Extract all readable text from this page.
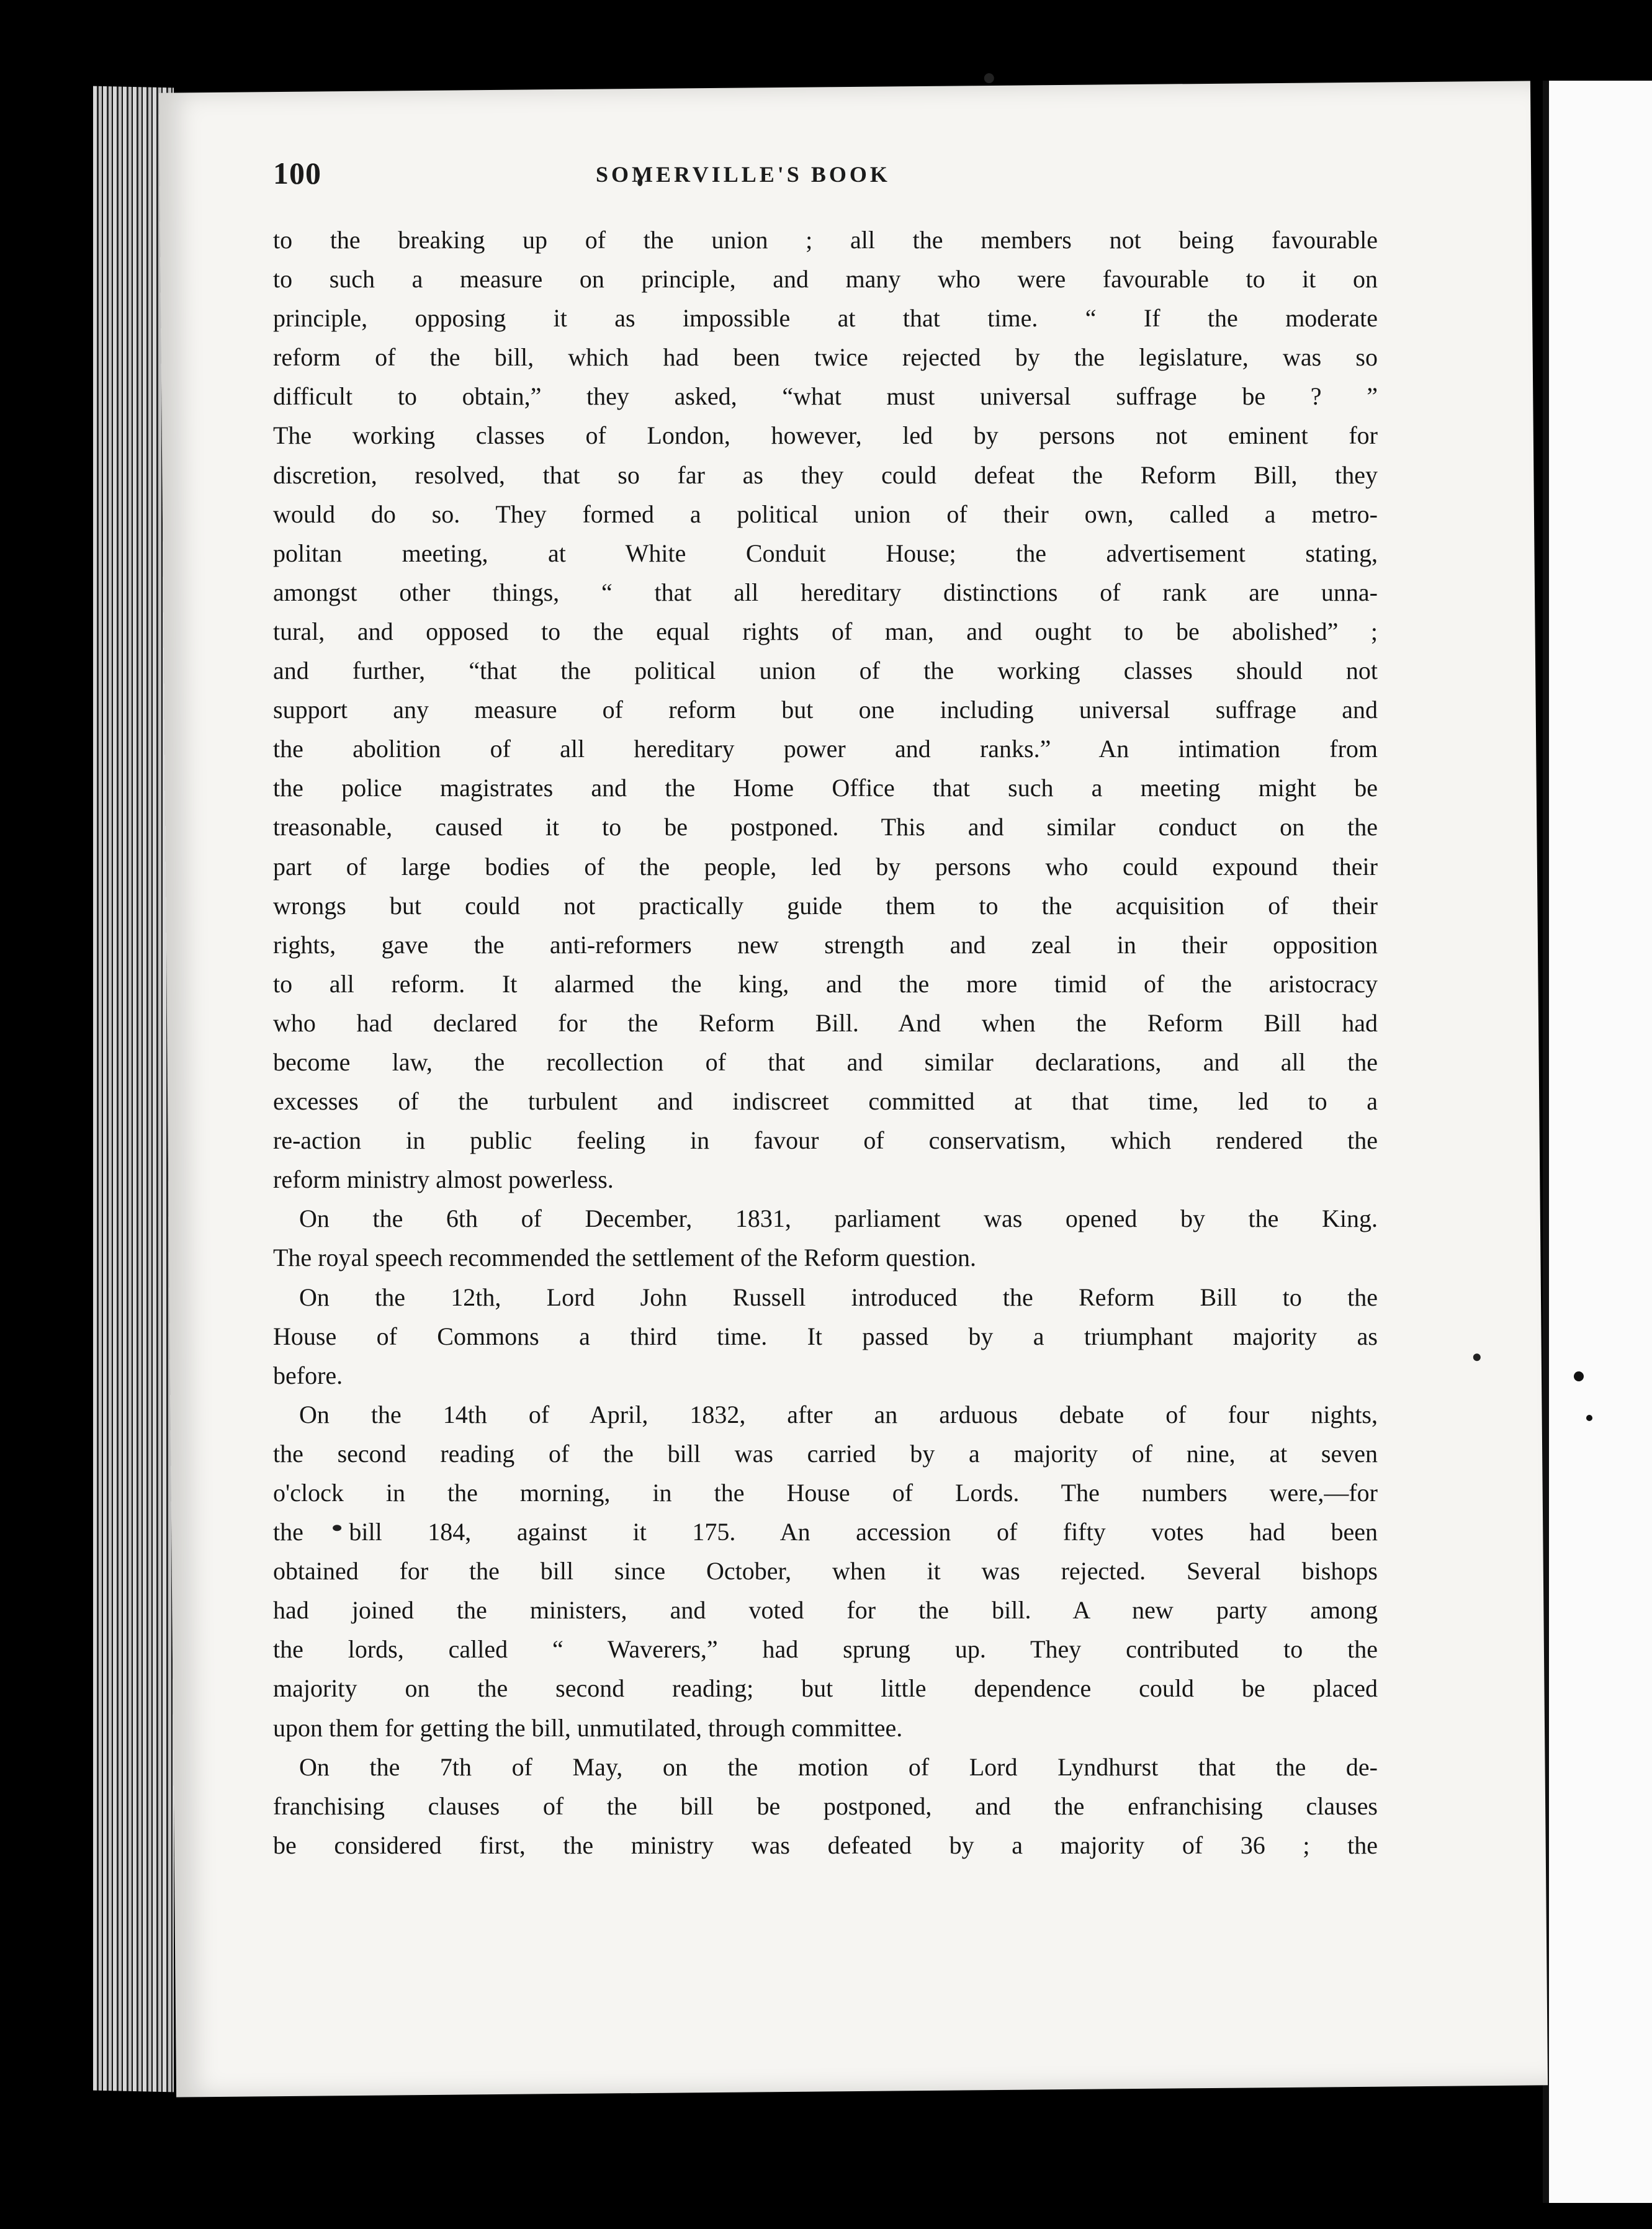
100	SOMERVILLE'S BOOK
to the breaking up of the union ; all the members not being favourable
to such a measure on principle, and many who were favourable to it on
principle, opposing it as impossible at that time. “ If the moderate
reform of the bill, which had been twice rejected by the legislature, was so
difficult to obtain,” they asked, “what must universal suffrage be ? ”
The working classes of London, however, led by persons not eminent for
discretion, resolved, that so far as they could defeat the Reform Bill, they
would do so. They formed a political union of their own, called a metro-
politan meeting, at White Conduit House; the advertisement stating,
amongst other things, “ that all hereditary distinctions of rank are unna-
tural, and opposed to the equal rights of man, and ought to be abolished” ;
and further, “that the political union of the working classes should not
support any measure of reform but one including universal suffrage and
the abolition of all hereditary power and ranks.” An intimation from
the police magistrates and the Home Office that such a meeting might be
treasonable, caused it to be postponed. This and similar conduct on the
part of large bodies of the people, led by persons who could expound their
wrongs but could not practically guide them to the acquisition of their
rights, gave the anti-reformers new strength and zeal in their opposition
to all reform. It alarmed the king, and the more timid of the aristocracy
who had declared for the Reform Bill. And when the Reform Bill had
become law, the recollection of that and similar declarations, and all the
excesses of the turbulent and indiscreet committed at that time, led to a
re-action in public feeling in favour of conservatism, which rendered the
reform ministry almost powerless.
On the 6th of December, 1831, parliament was opened by the King.
The royal speech recommended the settlement of the Reform question.
On the 12th, Lord John Russell introduced the Reform Bill to the
House of Commons a third time. It passed by a triumphant majority as
before.
On the 14th of April, 1832, after an arduous debate of four nights,
the second reading of the bill was carried by a majority of nine, at seven
o'clock in the morning, in the House of Lords. The numbers were,—for
the bill 184, against it 175. An accession of fifty votes had been
obtained for the bill since October, when it was rejected. Several bishops
had joined the ministers, and voted for the bill. A new party among
the lords, called “ Waverers,” had sprung up. They contributed to the
majority on the second reading; but little dependence could be placed
upon them for getting the bill, unmutilated, through committee.
On the 7th of May, on the motion of Lord Lyndhurst that the de-
franchising clauses of the bill be postponed, and the enfranchising clauses
be considered first, the ministry was defeated by a majority of 36 ; the
